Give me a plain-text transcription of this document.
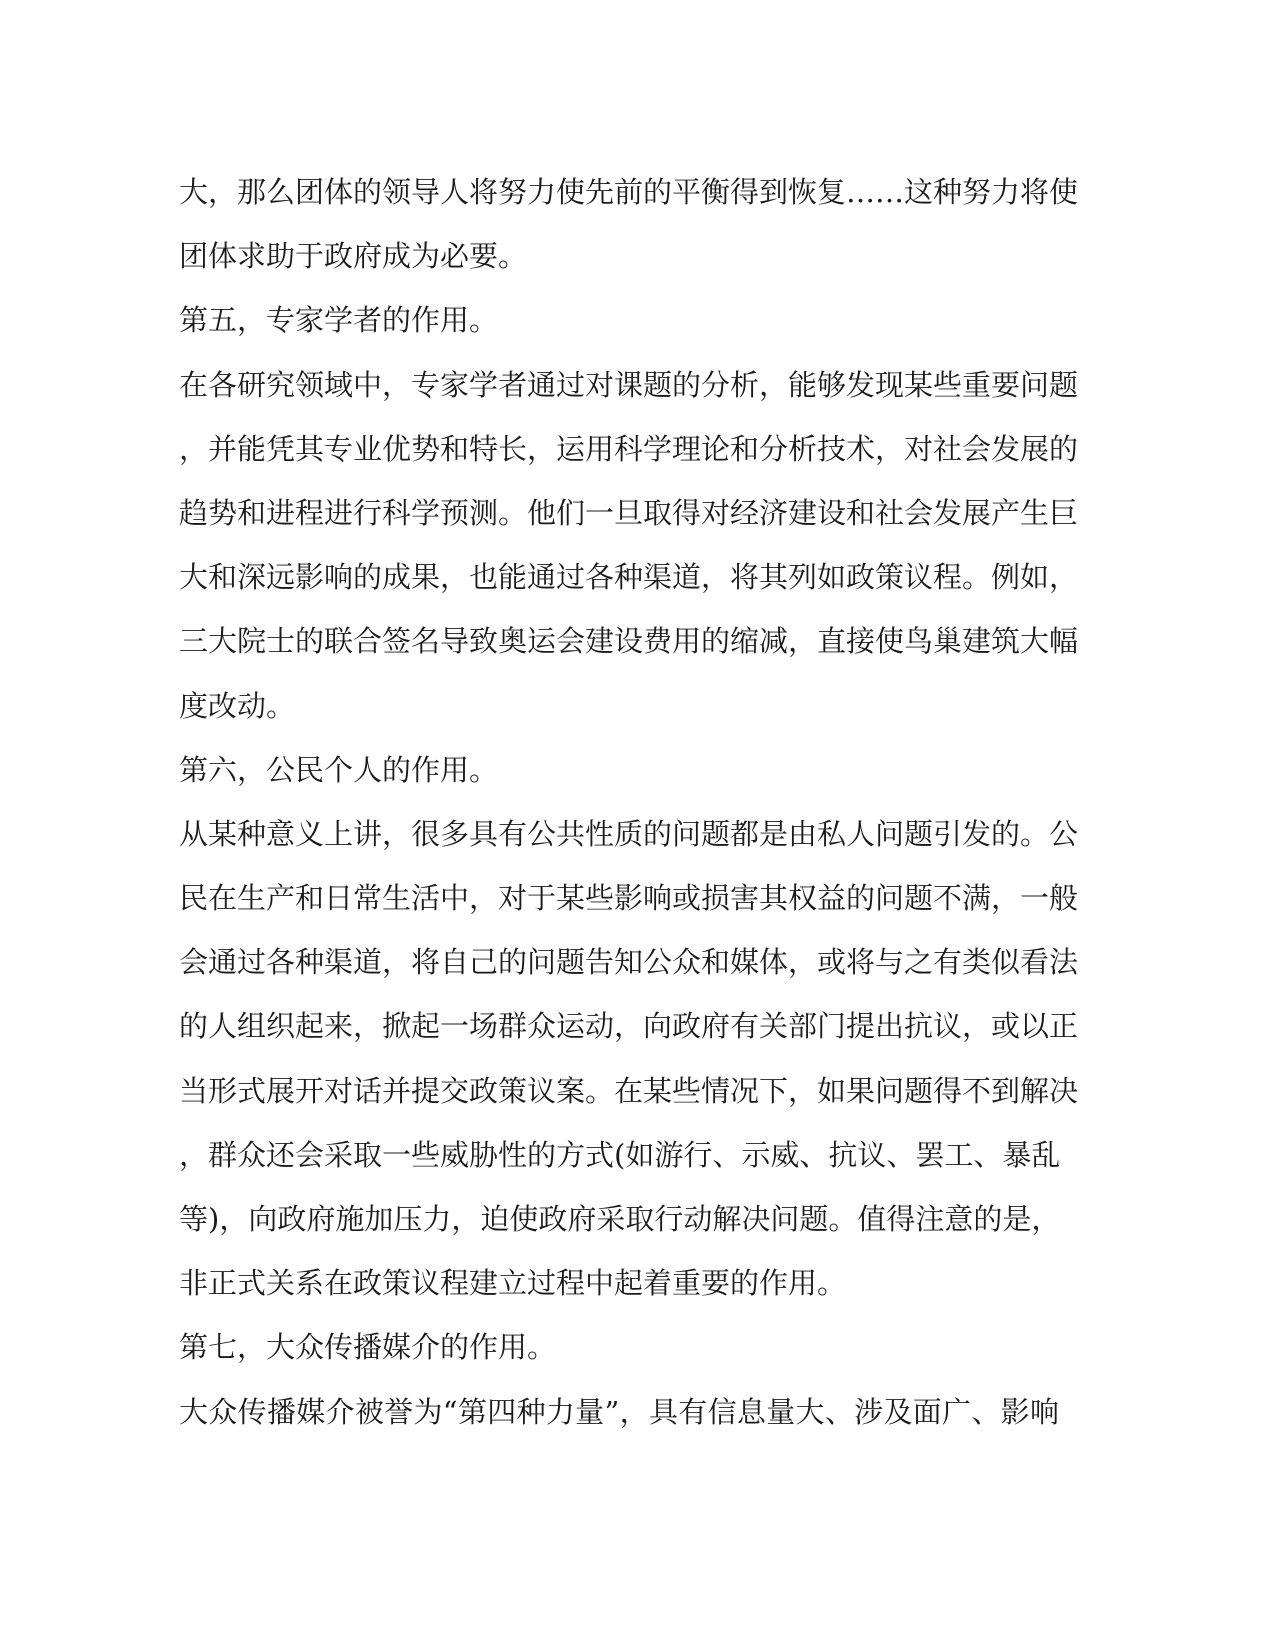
大，那么团体的领导人将努力使先前的平衡得到恢复……这种努力将使
团体求助于政府成为必要。
第五，专家学者的作用。
在各研究领域中，专家学者通过对课题的分析，能够发现某些重要问题
，并能凭其专业优势和特长，运用科学理论和分析技术，对社会发展的
趋势和进程进行科学预测。他们一旦取得对经济建设和社会发展产生巨
大和深远影响的成果，也能通过各种渠道，将其列如政策议程。例如，
三大院士的联合签名导致奥运会建设费用的缩减，直接使鸟巢建筑大幅
度改动。
第六，公民个人的作用。
从某种意义上讲，很多具有公共性质的问题都是由私人问题引发的。公
民在生产和日常生活中，对于某些影响或损害其权益的问题不满，一般
会通过各种渠道，将自己的问题告知公众和媒体，或将与之有类似看法
的人组织起来，掀起一场群众运动，向政府有关部门提出抗议，或以正
当形式展开对话并提交政策议案。在某些情况下，如果问题得不到解决
，群众还会采取一些威胁性的方式(如游行、示威、抗议、罢工、暴乱
等)，向政府施加压力，迫使政府采取行动解决问题。值得注意的是，
非正式关系在政策议程建立过程中起着重要的作用。
第七，大众传播媒介的作用。
大众传播媒介被誉为“第四种力量”，具有信息量大、涉及面广、影响
